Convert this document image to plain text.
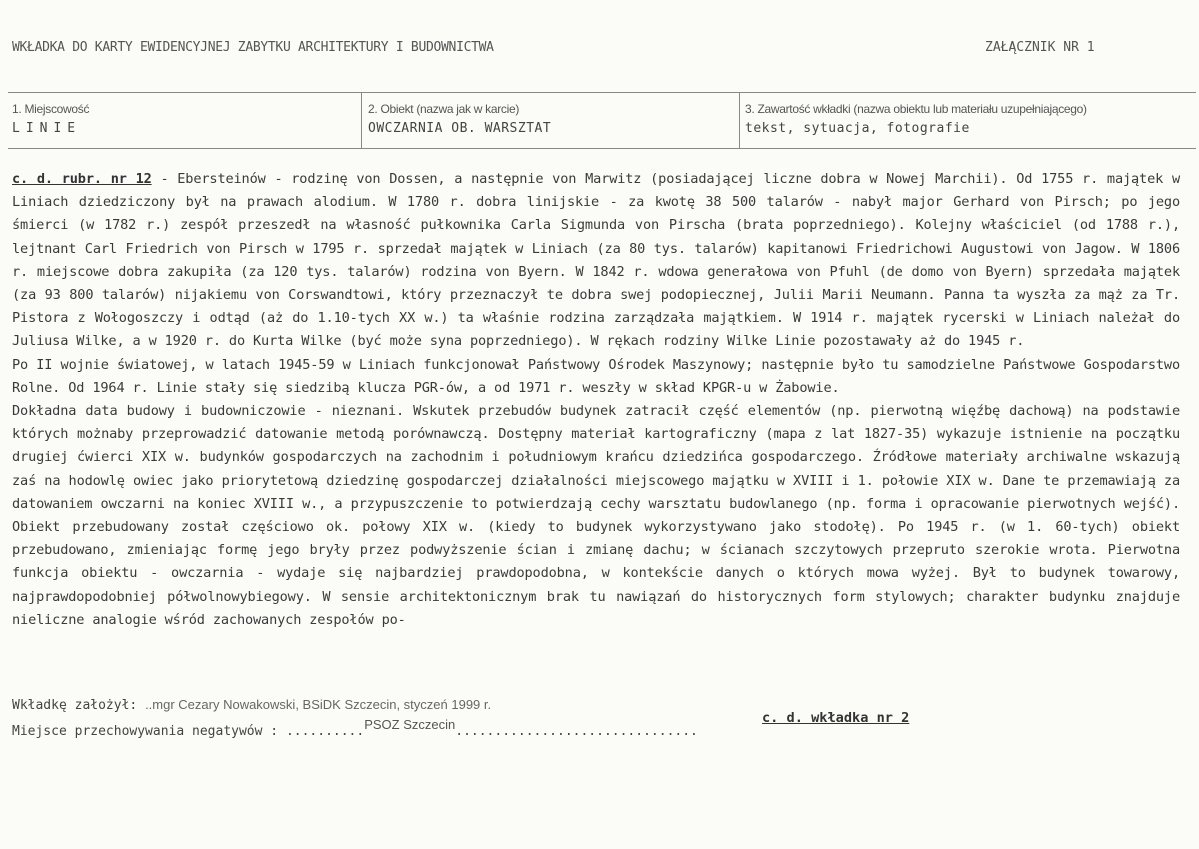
WKŁADKA DO KARTY EWIDENCYJNEJ ZABYTKU ARCHITEKTURY I BUDOWNICTWA	ZAŁĄCZNIK NR 1
1. Miejscowość
LINIE
2. Obiekt (nazwa jak w karcie)
OWCZARNIA OB. WARSZTAT
3. Zawartość wkładki (nazwa obiektu lub materiału uzupełniającego)
tekst, sytuacja, fotografie

c. d. rubr. nr 12 - Ebersteinów - rodzinę von Dossen, a następnie von Marwitz (posiadającej liczne dobra w Nowej Marchii). Od 1755 r. majątek w Liniach dziedziczony był na prawach alodium. W 1780 r. dobra linijskie - za kwotę 38 500 talarów - nabył major Gerhard von Pirsch; po jego śmierci (w 1782 r.) zespół przeszedł na własność pułkownika Carla Sigmunda von Pirscha (brata poprzedniego). Kolejny właściciel (od 1788 r.), lejtnant Carl Friedrich von Pirsch w 1795 r. sprzedał majątek w Liniach (za 80 tys. talarów) kapitanowi Friedrichowi Augustowi von Jagow. W 1806 r. miejscowe dobra zakupiła (za 120 tys. talarów) rodzina von Byern. W 1842 r. wdowa generałowa von Pfuhl (de domo von Byern) sprzedała majątek (za 93 800 talarów) nijakiemu von Corswandtowi, który przeznaczył te dobra swej podopiecznej, Julii Marii Neumann. Panna ta wyszła za mąż za Tr. Pistora z Wołogoszczy i odtąd (aż do 1.10-tych XX w.) ta właśnie rodzina zarządzała majątkiem. W 1914 r. majątek rycerski w Liniach należał do Juliusa Wilke, a w 1920 r. do Kurta Wilke (być może syna poprzedniego). W rękach rodziny Wilke Linie pozostawały aż do 1945 r.

Po II wojnie światowej, w latach 1945-59 w Liniach funkcjonował Państwowy Ośrodek Maszynowy; następnie było tu samodzielne Państwowe Gospodarstwo Rolne. Od 1964 r. Linie stały się siedzibą klucza PGR-ów, a od 1971 r. weszły w skład KPGR-u w Żabowie.

Dokładna data budowy i budowniczowie - nieznani. Wskutek przebudów budynek zatracił część elementów (np. pierwotną więźbę dachową) na podstawie których możnaby przeprowadzić datowanie metodą porównawczą. Dostępny materiał kartograficzny (mapa z lat 1827-35) wykazuje istnienie na początku drugiej ćwierci XIX w. budynków gospodarczych na zachodnim i południowym krańcu dziedzińca gospodarczego. Źródłowe materiały archiwalne wskazują zaś na hodowlę owiec jako priorytetową dziedzinę gospodarczej działalności miejscowego majątku w XVIII i 1. połowie XIX w. Dane te przemawiają za datowaniem owczarni na koniec XVIII w., a przypuszczenie to potwierdzają cechy warsztatu budowlanego (np. forma i opracowanie pierwotnych wejść). Obiekt przebudowany został częściowo ok. połowy XIX w. (kiedy to budynek wykorzystywano jako stodołę). Po 1945 r. (w 1. 60-tych) obiekt przebudowano, zmieniając formę jego bryły przez podwyższenie ścian i zmianę dachu; w ścianach szczytowych przepruto szerokie wrota. Pierwotna funkcja obiektu - owczarnia - wydaje się najbardziej prawdopodobna, w kontekście danych o których mowa wyżej. Był to budynek towarowy, najprawdopodobniej półwolnowybiegowy. W sensie architektonicznym brak tu nawiązań do historycznych form stylowych; charakter budynku znajduje nieliczne analogie wśród zachowanych zespołów po-

Wkładkę założył: ..mgr Cezary Nowakowski, BSiDK Szczecin, styczeń 1999 r.
c. d. wkładka nr 2
Miejsce przechowywania negatywów : ..........PSOZ Szczecin...............................
